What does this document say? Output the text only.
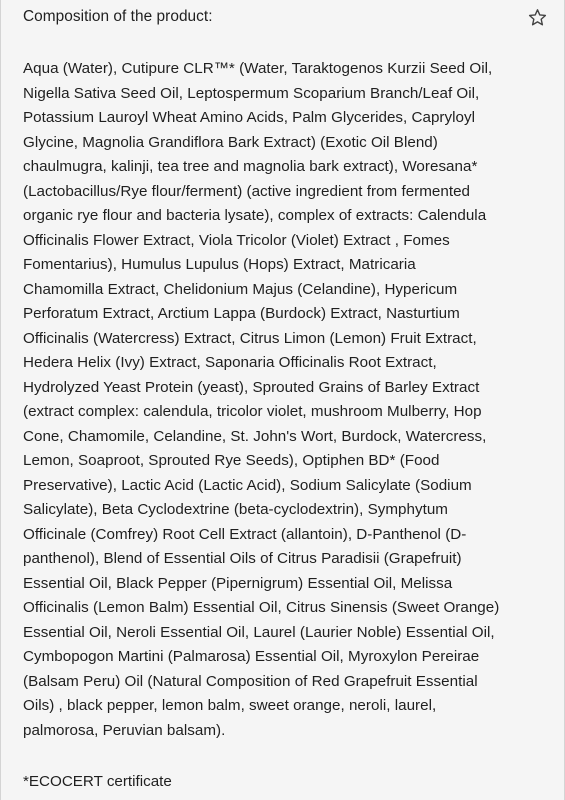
Composition of the product:
Aqua (Water), Cutipure CLR™* (Water, Taraktogenos Kurzii Seed Oil,
Nigella Sativa Seed Oil, Leptospermum Scoparium Branch/Leaf Oil,
Potassium Lauroyl Wheat Amino Acids, Palm Glycerides, Capryloyl
Glycine, Magnolia Grandiflora Bark Extract) (Exotic Oil Blend)
chaulmugra, kalinji, tea tree and magnolia bark extract), Woresana*
(Lactobacillus/Rye flour/ferment) (active ingredient from fermented
organic rye flour and bacteria lysate), complex of extracts: Calendula
Officinalis Flower Extract, Viola Tricolor (Violet) Extract , Fomes
Fomentarius), Humulus Lupulus (Hops) Extract, Matricaria
Chamomilla Extract, Chelidonium Majus (Celandine), Hypericum
Perforatum Extract, Arctium Lappa (Burdock) Extract, Nasturtium
Officinalis (Watercress) Extract, Citrus Limon (Lemon) Fruit Extract,
Hedera Helix (Ivy) Extract, Saponaria Officinalis Root Extract,
Hydrolyzed Yeast Protein (yeast), Sprouted Grains of Barley Extract
(extract complex: calendula, tricolor violet, mushroom Mulberry, Hop
Cone, Chamomile, Celandine, St. John's Wort, Burdock, Watercress,
Lemon, Soaproot, Sprouted Rye Seeds), Optiphen BD* (Food
Preservative), Lactic Acid (Lactic Acid), Sodium Salicylate (Sodium
Salicylate), Beta Cyclodextrine (beta-cyclodextrin), Symphytum
Officinale (Comfrey) Root Cell Extract (allantoin), D-Panthenol (D-
panthenol), Blend of Essential Oils of Citrus Paradisii (Grapefruit)
Essential Oil, Black Pepper (Pipernigrum) Essential Oil, Melissa
Officinalis (Lemon Balm) Essential Oil, Citrus Sinensis (Sweet Orange)
Essential Oil, Neroli Essential Oil, Laurel (Laurier Noble) Essential Oil,
Cymbopogon Martini (Palmarosa) Essential Oil, Myroxylon Pereirae
(Balsam Peru) Oil (Natural Composition of Red Grapefruit Essential
Oils) , black pepper, lemon balm, sweet orange, neroli, laurel,
palmorosa, Peruvian balsam).
*ECOCERT certificate
